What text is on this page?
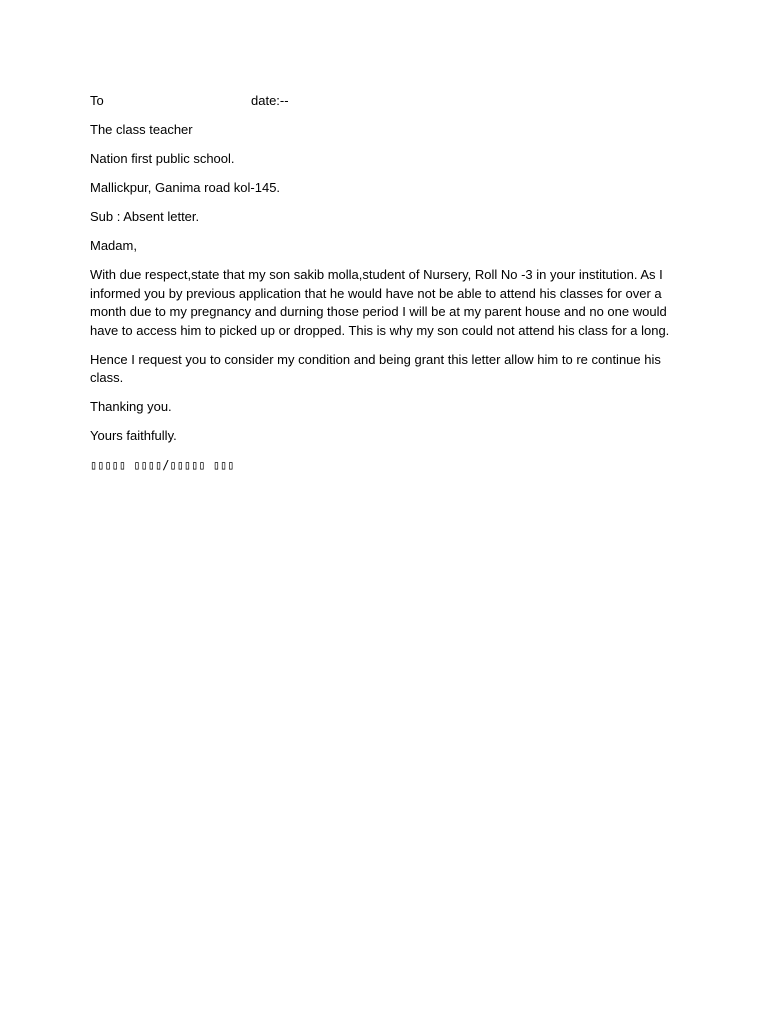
To	date:--

The class teacher

Nation first public school.

Mallickpur, Ganima road kol-145.

Sub : Absent letter.

Madam,

With due respect,state that my son sakib molla,student of Nursery, Roll No -3 in your institution. As I informed you by previous application that he would have not be able to attend his classes for over a month due to my pregnancy and durning those period I will be at my parent house and no one would have to access him to picked up or dropped. This is why my son could not attend his class for a long.

Hence I request you to consider my condition and being grant this letter allow him to re continue his class.

Thanking you.

Yours faithfully.

▯▯▯▯▯ ▯▯▯▯/▯▯▯▯▯ ▯▯▯
